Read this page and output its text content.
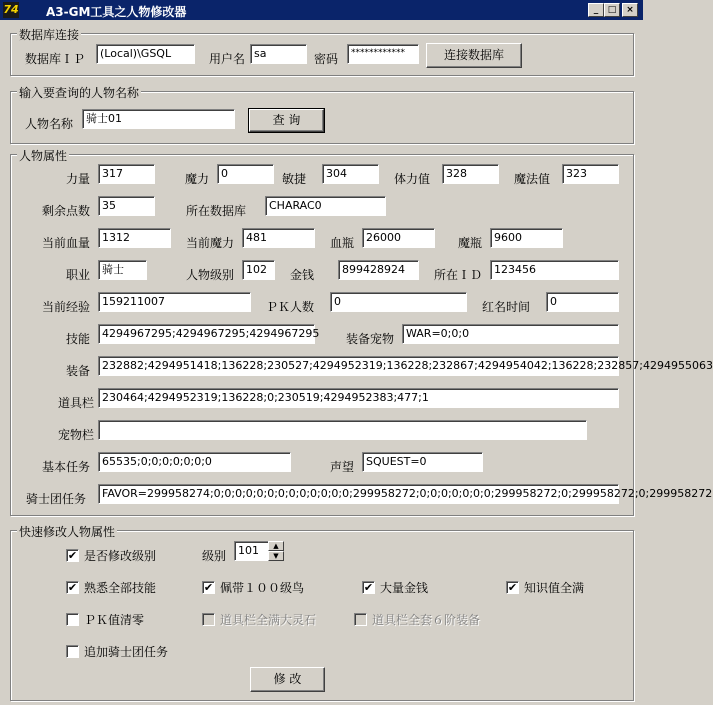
74 A3-GM工具之人物修改器	_	□	×
数据库连接
数据库ＩＰ	(Local)\GSQL	用户名 sa	密码	************	连接数据库
输入要查询的人物名称
人物名称	骑士01	查 询
人物属性
力量	317	魔力	0	敏捷	304	体力值	328	魔法值	323
剩余点数	35	所在数据库	CHARAC0
当前血量	1312	当前魔力	481	血瓶	26000	魔瓶	9600
职业	骑士	人物级别	102	金钱	899428924	所在ＩＤ	123456
当前经验	159211007	ＰＫ人数	0	红名时间	0
技能	4294967295;4294967295;4294967295 装备宠物	WAR=0;0;0
装备	232882;4294951418;136228;230527;4294952319;136228;232867;4294954042;136228;232857;4294955063
道具栏 230464;4294952319;136228;0;230519;4294952383;477;1
宠物栏
基本任务	65535;0;0;0;0;0;0;0	声望	SQUEST=0
骑士团任务	FAVOR=299958274;0;0;0;0;0;0;0;0;0;0;0;0;0;299958272;0;0;0;0;0;0;0;299958272;0;299958272;0;299958272
快速修改人物属性
✔ 是否修改级别	级别	101	▲
▼
✔ 熟悉全部技能	✔ 佩带１００级鸟	✔ 大量金钱	✔ 知识值全满
ＰＫ值清零	道具栏全满大灵石	道具栏全套６阶装备
追加骑士团任务
修 改
